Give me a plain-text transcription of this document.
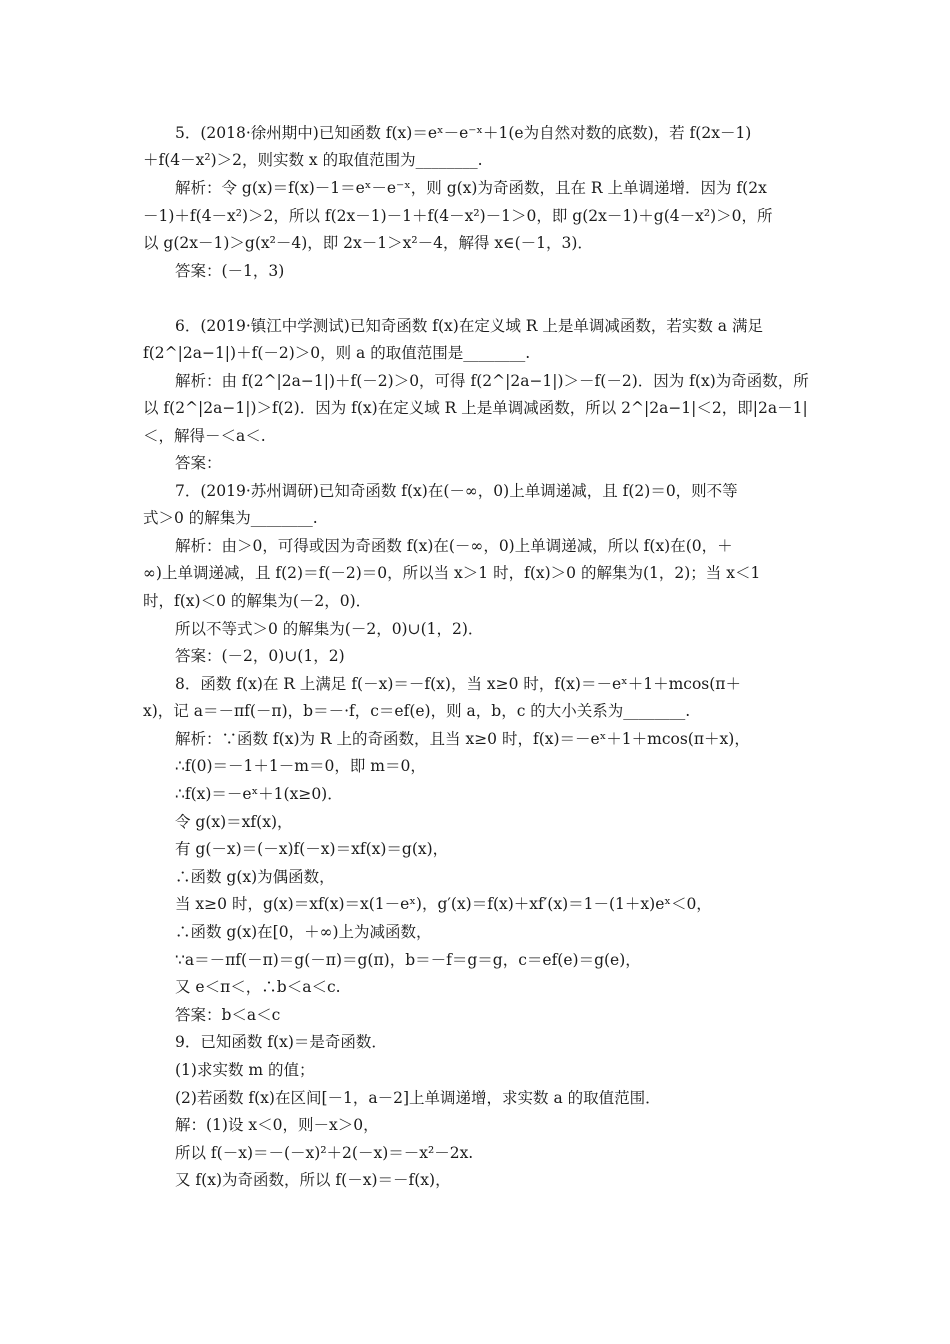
5．(2018·徐州期中)已知函数 f(x)＝eˣ－e⁻ˣ＋1(e为自然对数的底数)，若 f(2x－1)
＋f(4－x²)＞2，则实数 x 的取值范围为________.
解析：令 g(x)＝f(x)－1＝eˣ－e⁻ˣ，则 g(x)为奇函数，且在 R 上单调递增．因为 f(2x
－1)＋f(4－x²)＞2，所以 f(2x－1)－1＋f(4－x²)－1＞0，即 g(2x－1)＋g(4－x²)＞0，所
以 g(2x－1)＞g(x²－4)，即 2x－1＞x²－4，解得 x∈(－1，3)．
答案：(－1，3)
6．(2019·镇江中学测试)已知奇函数 f(x)在定义域 R 上是单调减函数，若实数 a 满足
f(2^|2a−1|)＋f(－2)＞0，则 a 的取值范围是________.
解析：由 f(2^|2a−1|)＋f(－2)＞0，可得 f(2^|2a−1|)＞－f(－2)．因为 f(x)为奇函数，所
以 f(2^|2a−1|)＞f(2)．因为 f(x)在定义域 R 上是单调减函数，所以 2^|2a−1|＜2，即|2a－1|
＜，解得－＜a＜.
答案：
7．(2019·苏州调研)已知奇函数 f(x)在(－∞，0)上单调递减，且 f(2)＝0，则不等
式＞0 的解集为________.
解析：由＞0，可得或因为奇函数 f(x)在(－∞，0)上单调递减，所以 f(x)在(0，＋
∞)上单调递减，且 f(2)＝f(－2)＝0，所以当 x＞1 时，f(x)＞0 的解集为(1，2)；当 x＜1
时，f(x)＜0 的解集为(－2，0)．
所以不等式＞0 的解集为(－2，0)∪(1，2)．
答案：(－2，0)∪(1，2)
8．函数 f(x)在 R 上满足 f(－x)＝－f(x)，当 x≥0 时，f(x)＝－eˣ＋1＋mcos(π＋
x)，记 a＝－πf(－π)，b＝－·f，c＝ef(e)，则 a，b，c 的大小关系为________.
解析：∵函数 f(x)为 R 上的奇函数，且当 x≥0 时，f(x)＝－eˣ＋1＋mcos(π＋x)，
∴f(0)＝－1＋1－m＝0，即 m＝0，
∴f(x)＝－eˣ＋1(x≥0)．
令 g(x)＝xf(x)，
有 g(－x)＝(－x)f(－x)＝xf(x)＝g(x)，
∴函数 g(x)为偶函数，
当 x≥0 时，g(x)＝xf(x)＝x(1－eˣ)，g′(x)＝f(x)＋xf′(x)＝1－(1＋x)eˣ＜0，
∴函数 g(x)在[0，＋∞)上为减函数，
∵a＝－πf(－π)＝g(－π)＝g(π)，b＝－f＝g＝g，c＝ef(e)＝g(e)，
又 e＜π＜，∴b＜a＜c.
答案：b＜a＜c
9．已知函数 f(x)＝是奇函数．
(1)求实数 m 的值；
(2)若函数 f(x)在区间[－1，a－2]上单调递增，求实数 a 的取值范围．
解：(1)设 x＜0，则－x＞0，
所以 f(－x)＝－(－x)²＋2(－x)＝－x²－2x.
又 f(x)为奇函数，所以 f(－x)＝－f(x)，
